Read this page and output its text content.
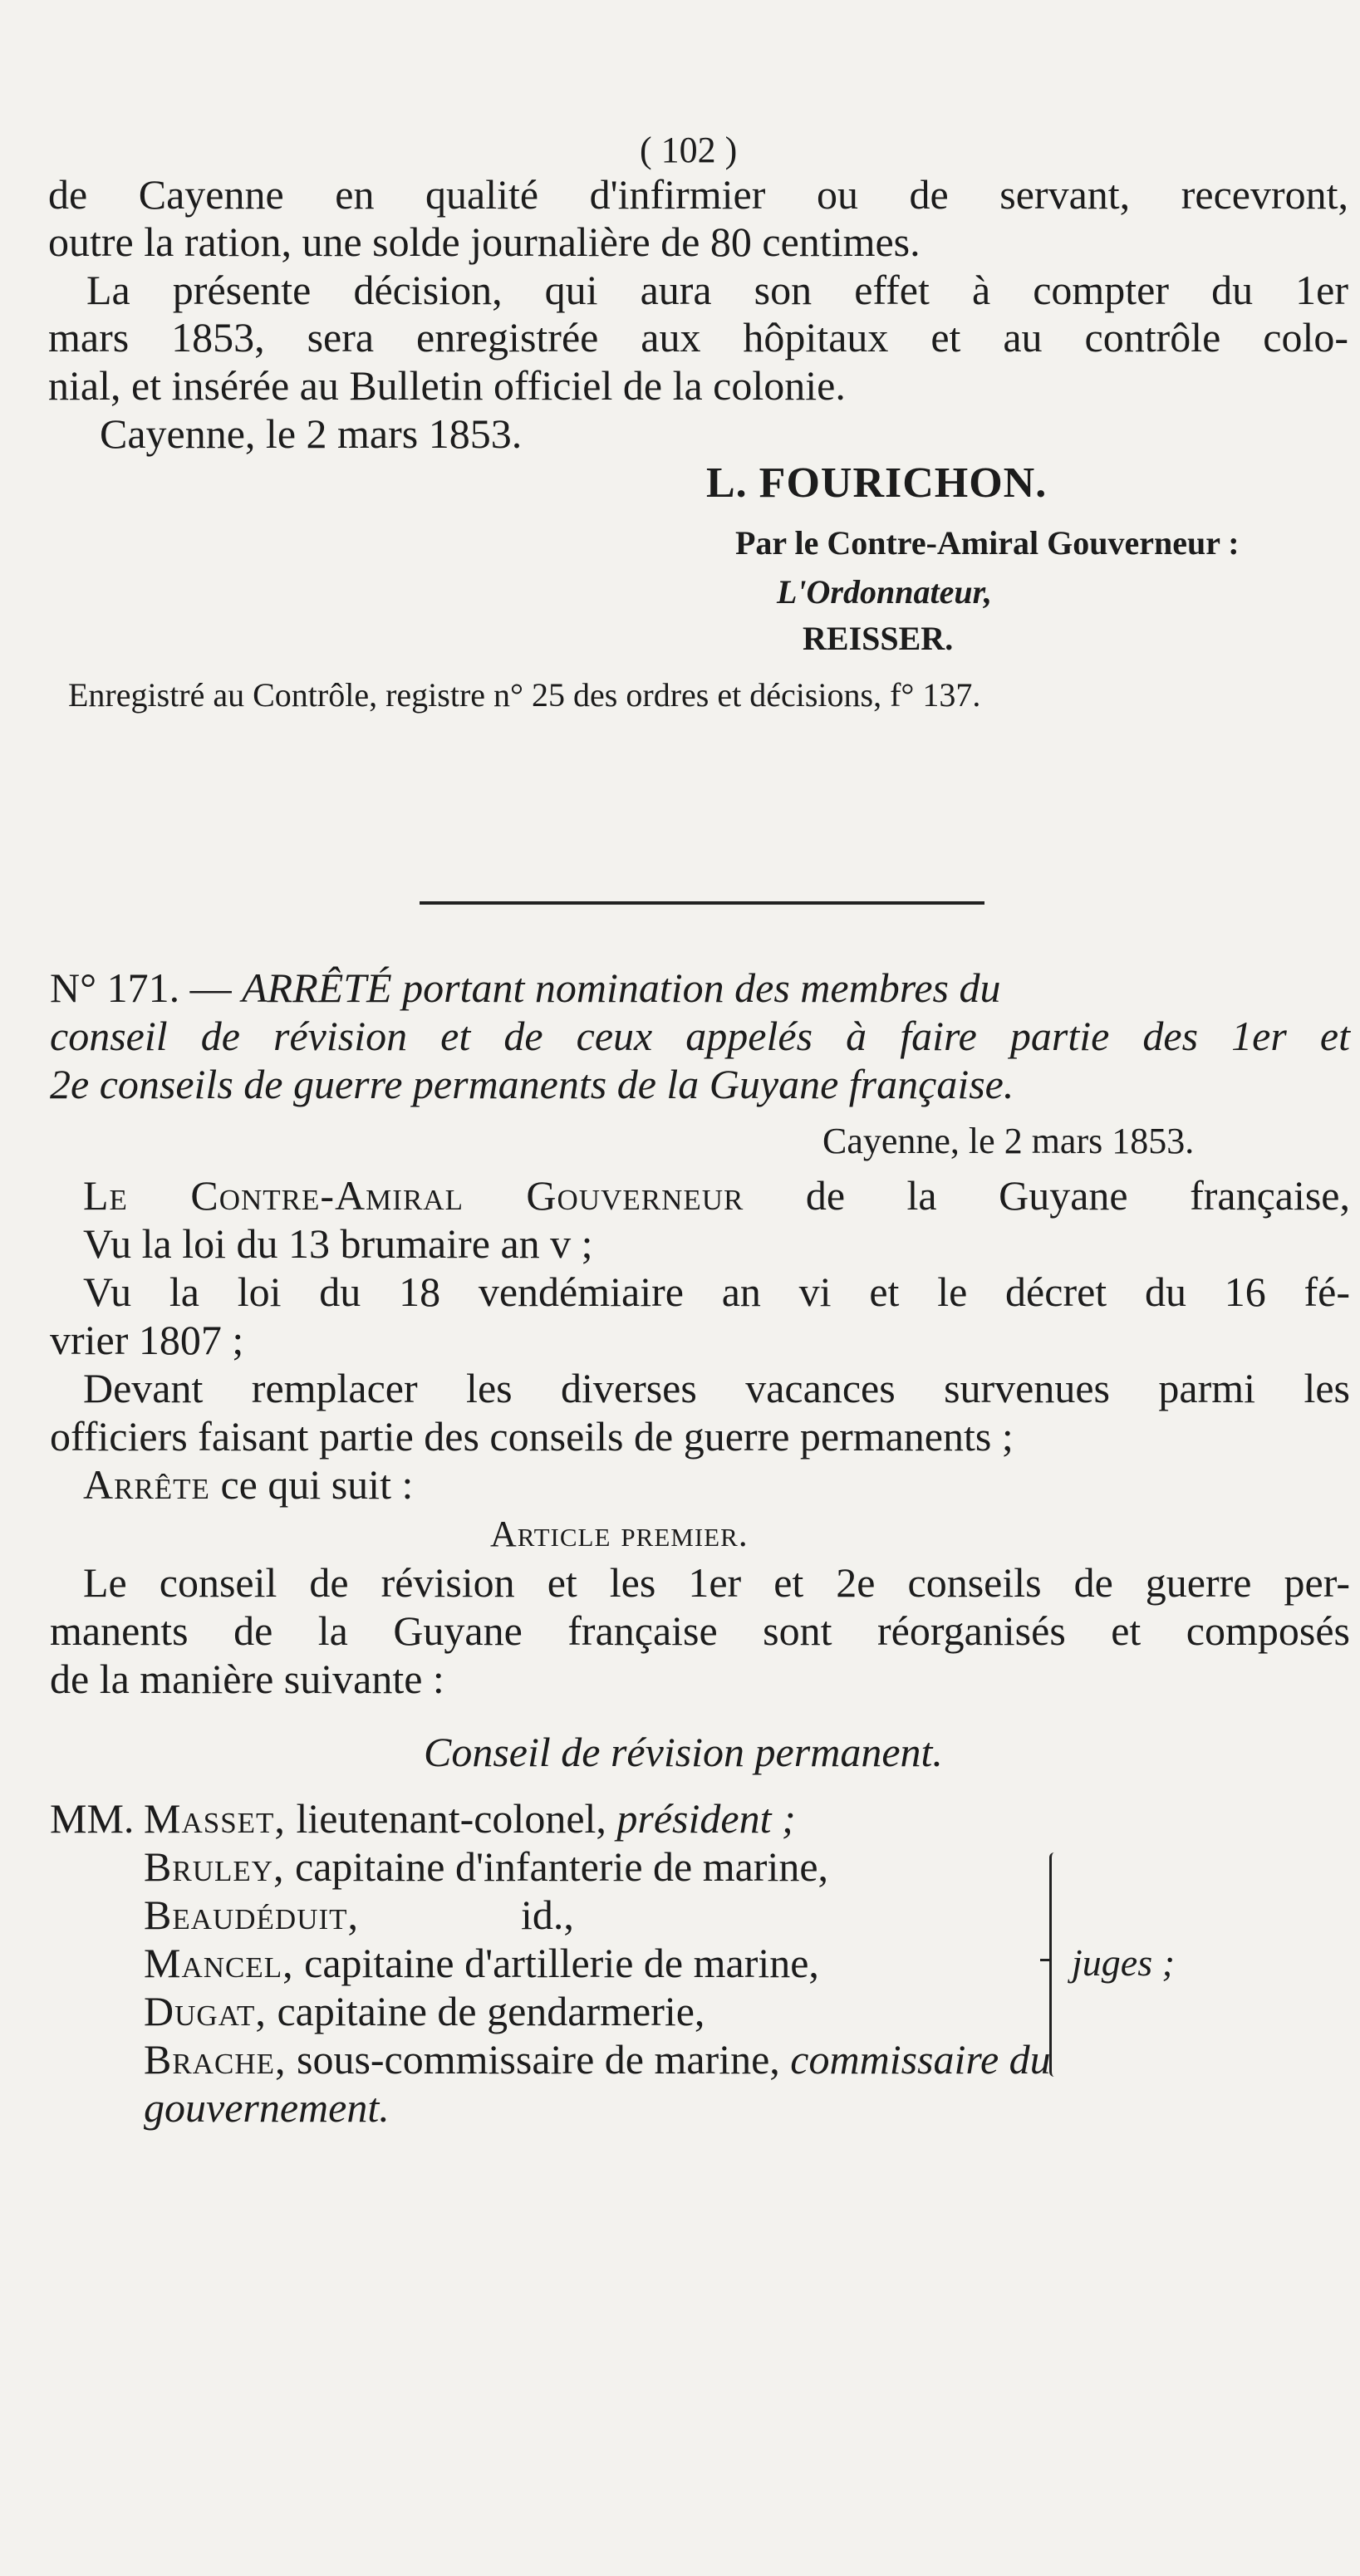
( 102 )
de Cayenne en qualité d'infirmier ou de servant, recevront,
outre la ration, une solde journalière de 80 centimes.
La présente décision, qui aura son effet à compter du 1er
mars 1853, sera enregistrée aux hôpitaux et au contrôle colo-
nial, et insérée au Bulletin officiel de la colonie.
Cayenne, le 2 mars 1853.
L. FOURICHON.
Par le Contre-Amiral Gouverneur :
L'Ordonnateur,
REISSER.
Enregistré au Contrôle, registre n° 25 des ordres et décisions, f° 137.
N° 171. — ARRÊTÉ portant nomination des membres du
conseil de révision et de ceux appelés à faire partie des 1er et
2e conseils de guerre permanents de la Guyane française.
Cayenne, le 2 mars 1853.
Le Contre-Amiral Gouverneur de la Guyane française,
Vu la loi du 13 brumaire an v ;
Vu la loi du 18 vendémiaire an vi et le décret du 16 fé-
vrier 1807 ;
Devant remplacer les diverses vacances survenues parmi les
officiers faisant partie des conseils de guerre permanents ;
Arrête ce qui suit :
Article premier.
Le conseil de révision et les 1er et 2e conseils de guerre per-
manents de la Guyane française sont réorganisés et composés
de la manière suivante :
Conseil de révision permanent.
MM. Masset, lieutenant-colonel, président ;
Bruley, capitaine d'infanterie de marine,
Beaudéduit,	id.,
Mancel, capitaine d'artillerie de marine,
Dugat, capitaine de gendarmerie,
Brache, sous-commissaire de marine, commissaire du
gouvernement.
juges ;
